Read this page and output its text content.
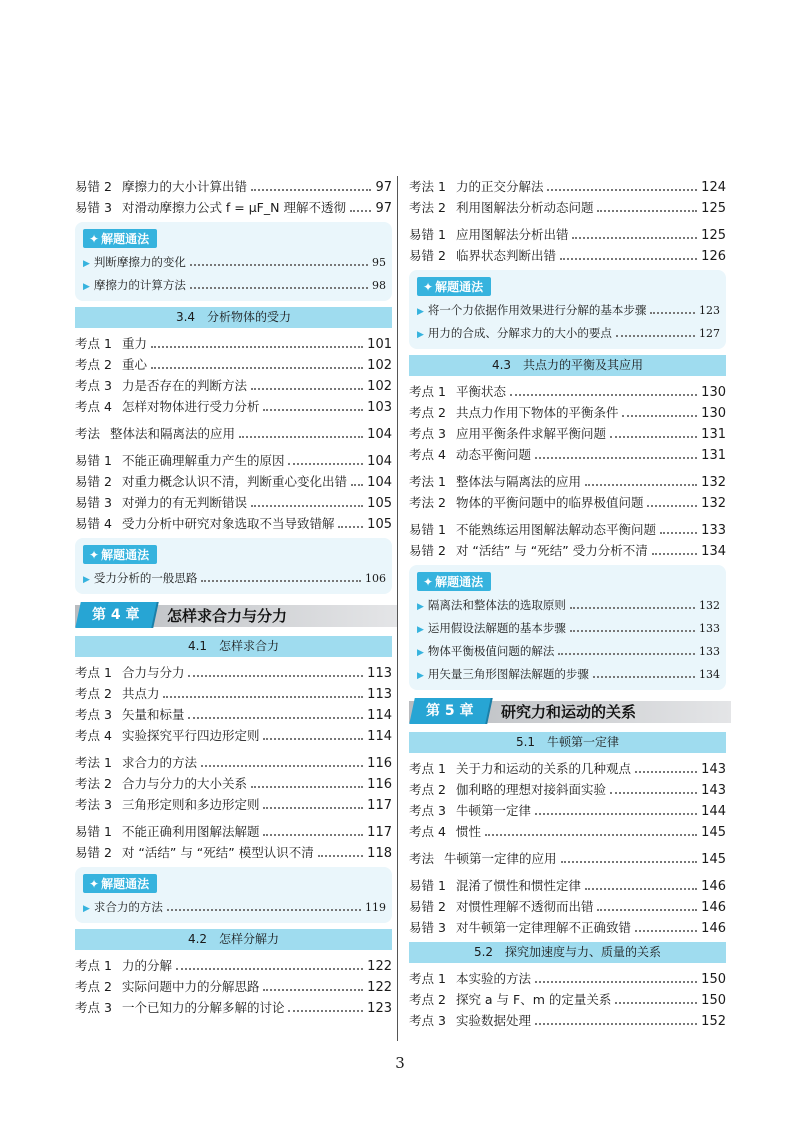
易错 2 摩擦力的大小计算出错	97
易错 3 对滑动摩擦力公式 f = μF_N 理解不透彻 97
✦ 解题通法
▶ 判断摩擦力的变化	95
▶ 摩擦力的计算方法	98
3.4 分析物体的受力
考点 1 重力	101
考点 2 重心	102
考点 3 力是否存在的判断方法	102
考点 4 怎样对物体进行受力分析	103
考法 整体法和隔离法的应用	104
易错 1 不能正确理解重力产生的原因	104
易错 2 对重力概念认识不清，判断重心变化出错 104
易错 3 对弹力的有无判断错误	105
易错 4 受力分析中研究对象选取不当导致错解	105
✦ 解题通法
▶ 受力分析的一般思路	106
第 4 章	怎样求合力与分力
4.1 怎样求合力
考点 1 合力与分力	113
考点 2 共点力	113
考点 3 矢量和标量	114
考点 4 实验探究平行四边形定则	114
考法 1 求合力的方法	116
考法 2 合力与分力的大小关系	116
考法 3 三角形定则和多边形定则	117
易错 1 不能正确利用图解法解题	117
易错 2 对 “活结” 与 “死结” 模型认识不清	118
✦ 解题通法
▶ 求合力的方法	119
4.2 怎样分解力
考点 1 力的分解	122
考点 2 实际问题中力的分解思路	122
考点 3 一个已知力的分解多解的讨论	123
考法 1 力的正交分解法	124
考法 2 利用图解法分析动态问题	125
易错 1 应用图解法分析出错	125
易错 2 临界状态判断出错	126
✦ 解题通法
▶ 将一个力依据作用效果进行分解的基本步骤	123
▶ 用力的合成、分解求力的大小的要点	127
4.3 共点力的平衡及其应用
考点 1 平衡状态	130
考点 2 共点力作用下物体的平衡条件	130
考点 3 应用平衡条件求解平衡问题	131
考点 4 动态平衡问题	131
考法 1 整体法与隔离法的应用	132
考法 2 物体的平衡问题中的临界极值问题	132
易错 1 不能熟练运用图解法解动态平衡问题	133
易错 2 对 “活结” 与 “死结” 受力分析不清	134
✦ 解题通法
▶ 隔离法和整体法的选取原则	132
▶ 运用假设法解题的基本步骤	133
▶ 物体平衡极值问题的解法	133
▶ 用矢量三角形图解法解题的步骤	134
第 5 章	研究力和运动的关系
5.1 牛顿第一定律
考点 1 关于力和运动的关系的几种观点	143
考点 2 伽利略的理想对接斜面实验	143
考点 3 牛顿第一定律	144
考点 4 惯性	145
考法 牛顿第一定律的应用	145
易错 1 混淆了惯性和惯性定律	146
易错 2 对惯性理解不透彻而出错	146
易错 3 对牛顿第一定律理解不正确致错	146
5.2 探究加速度与力、质量的关系
考点 1 本实验的方法	150
考点 2 探究 a 与 F、m 的定量关系	150
考点 3 实验数据处理	152
3
